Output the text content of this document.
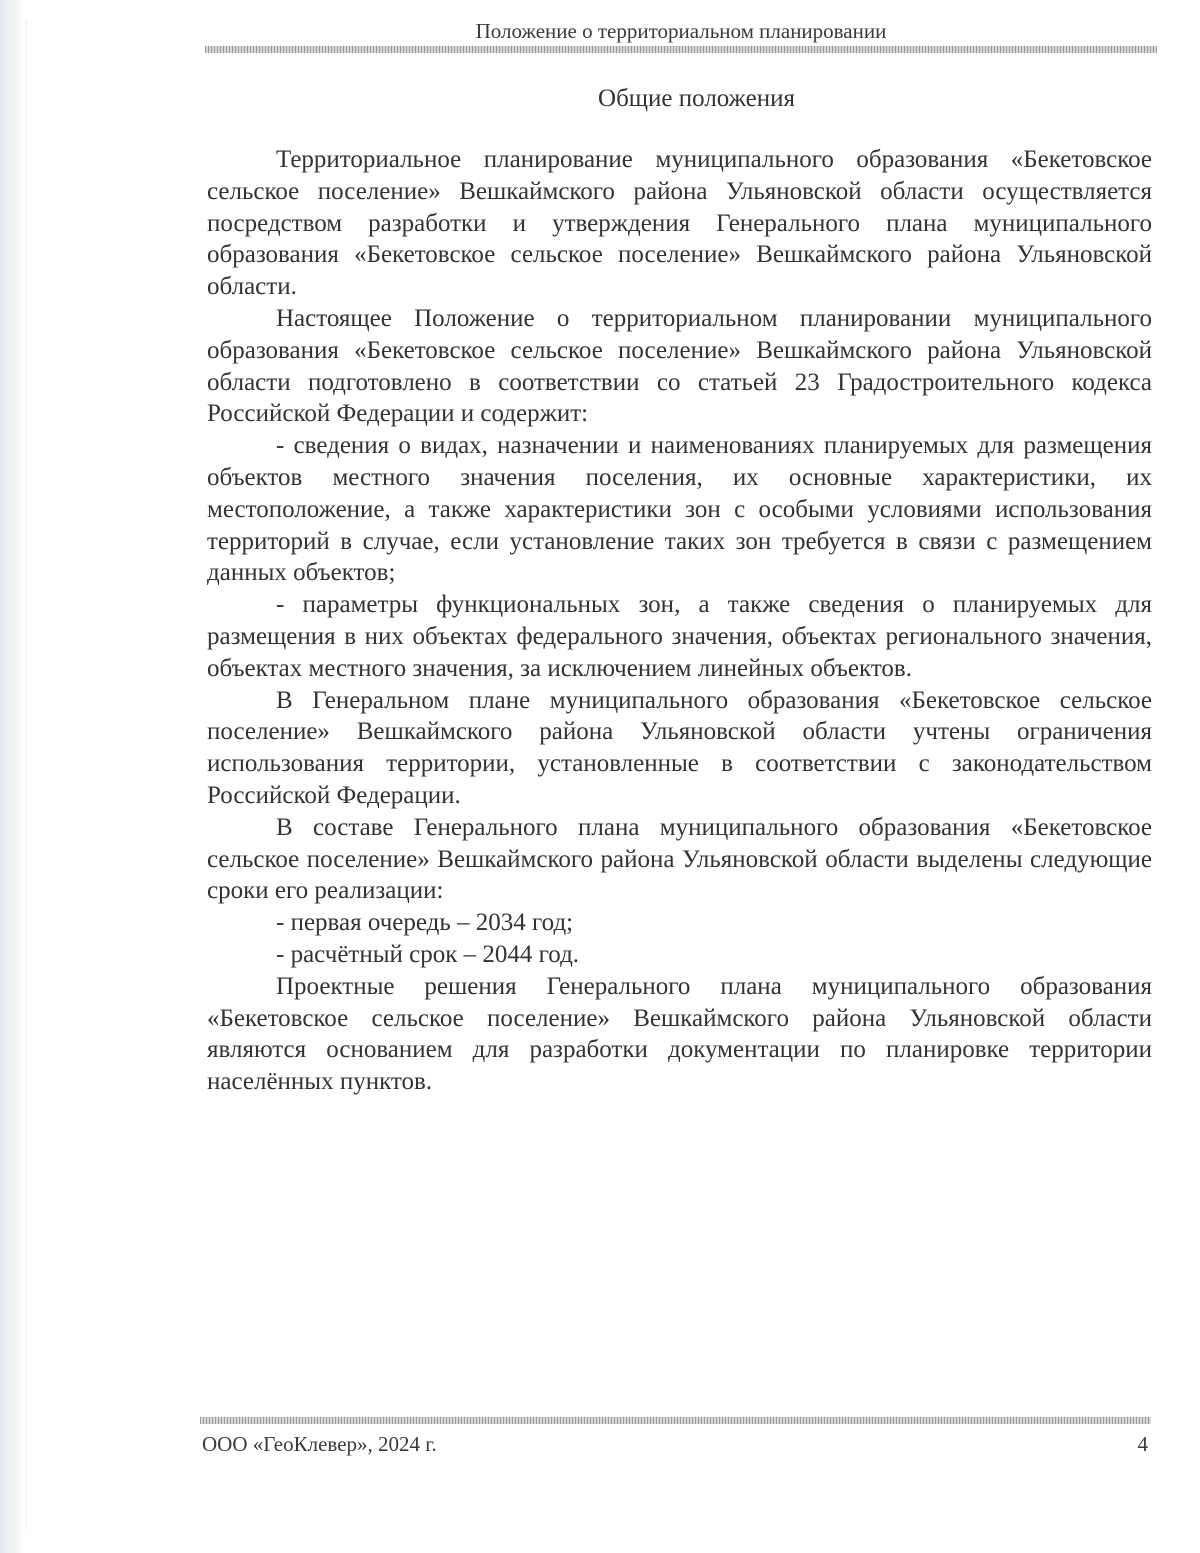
Положение о территориальном планировании
Общие положения

Территориальное планирование муниципального образования «Бекетовское сельское поселение» Вешкаймского района Ульяновской области осуществляется посредством разработки и утверждения Генерального плана муниципального образования «Бекетовское сельское поселение» Вешкаймского района Ульяновской области.

Настоящее Положение о территориальном планировании муниципального образования «Бекетовское сельское поселение» Вешкаймского района Ульяновской области подготовлено в соответствии со статьей 23 Градостроительного кодекса Российской Федерации и содержит:

- сведения о видах, назначении и наименованиях планируемых для размещения объектов местного значения поселения, их основные характеристики, их местоположение, а также характеристики зон с особыми условиями использования территорий в случае, если установление таких зон требуется в связи с размещением данных объектов;

- параметры функциональных зон, а также сведения о планируемых для размещения в них объектах федерального значения, объектах регионального значения, объектах местного значения, за исключением линейных объектов.

В Генеральном плане муниципального образования «Бекетовское сельское поселение» Вешкаймского района Ульяновской области учтены ограничения использования территории, установленные в соответствии с законодательством Российской Федерации.

В составе Генерального плана муниципального образования «Бекетовское сельское поселение» Вешкаймского района Ульяновской области выделены следующие сроки его реализации:

- первая очередь – 2034 год;

- расчётный срок – 2044 год.

Проектные решения Генерального плана муниципального образования «Бекетовское сельское поселение» Вешкаймского района Ульяновской области являются основанием для разработки документации по планировке территории населённых пунктов.

ООО «ГеоКлевер», 2024 г.	4
